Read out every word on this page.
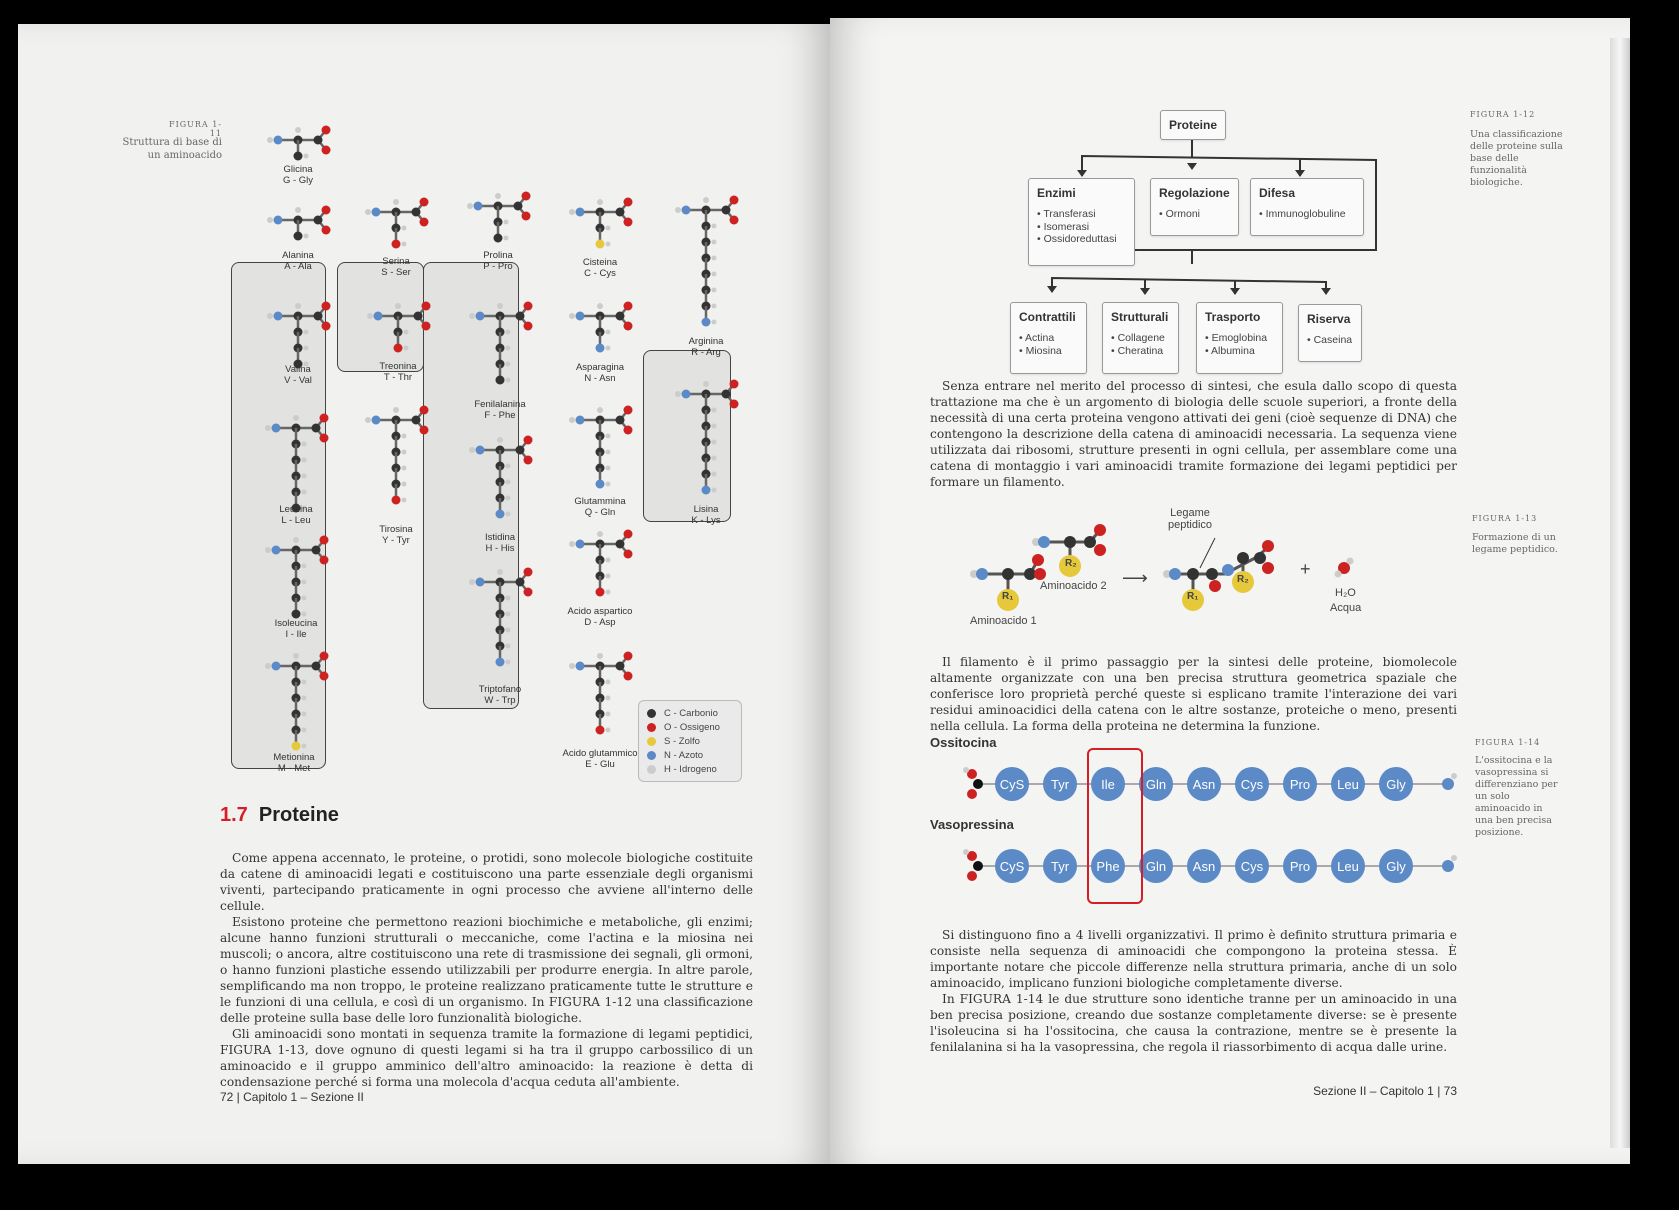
FIGURA 1-11
Struttura di base di un aminoacido
Glicina
G - Gly
Alanina
A - Ala	Serina
S - Ser
Prolina
P - Pro	Cisteina
C - Cys
Arginina
R - Arg
Valina
V - Val
Treonina
T - Thr
Asparagina
N - Asn
Fenilalanina
F - Phe
Lisina
K - Lys
Leucina
L - Leu
Tirosina
Y - Tyr
Glutammina
Q - Gln
Istidina
H - His
Isoleucina
I - Ile
Acido aspartico
D - Asp
Triptofano
W - Trp
Metionina
M - Met
Acido glutammico
E - Glu
C - Carbonio
O - Ossigeno
S - Zolfo
N - Azoto
H - Idrogeno
1.7 Proteine

Come appena accennato, le proteine, o protidi, sono molecole biologiche costituite da catene di aminoacidi legati e costituiscono una parte essenziale degli organismi viventi, partecipando praticamente in ogni processo che avviene all'interno delle cellule.

Esistono proteine che permettono reazioni biochimiche e metaboliche, gli enzimi; alcune hanno funzioni strutturali o meccaniche, come l'actina e la miosina nei muscoli; o ancora, altre costituiscono una rete di trasmissione dei segnali, gli ormoni, o hanno funzioni plastiche essendo utilizzabili per produrre energia. In altre parole, semplificando ma non troppo, le proteine realizzano praticamente tutte le strutture e le funzioni di una cellula, e così di un organismo. In FIGURA 1-12 una classificazione delle proteine sulla base delle loro funzionalità biologiche.

Gli aminoacidi sono montati in sequenza tramite la formazione di legami peptidici, FIGURA 1-13, dove ognuno di questi legami si ha tra il gruppo carbossilico di un aminoacido e il gruppo amminico dell'altro aminoacido: la reazione è detta di condensazione perché si forma una molecola d'acqua ceduta all'ambiente.

72 | Capitolo 1 – Sezione II
Proteine
Enzimi
• Transferasi
• Isomerasi
• Ossidoreduttasi
Regolazione
• Ormoni
Difesa
• Immunoglobuline
Contrattili
• Actina
• Miosina
Strutturali
• Collagene
• Cheratina
Trasporto
• Emoglobina
• Albumina
Riserva
• Caseina
FIGURA 1-12
Una classificazione delle proteine sulla base delle funzionalità biologiche.

Senza entrare nel merito del processo di sintesi, che esula dallo scopo di questa trattazione ma che è un argomento di biologia delle scuole superiori, a fronte della necessità di una certa proteina vengono attivati dei geni (cioè sequenze di DNA) che contengono la descrizione della catena di aminoacidi necessaria. La sequenza viene utilizzata dai ribosomi, strutture presenti in ogni cellula, per assemblare come una catena di montaggio i vari aminoacidi tramite formazione dei legami peptidici per formare un filamento.

R₁
R₂
R₁
R₂
Aminoacido 1
Aminoacido 2 ⟶
Legame peptidico
+
H₂O
Acqua
FIGURA 1-13
Formazione di un legame peptidico.

Il filamento è il primo passaggio per la sintesi delle proteine, biomolecole altamente organizzate con una ben precisa struttura geometrica spaziale che conferisce loro proprietà perché queste si esplicano tramite l'interazione dei vari residui aminoacidici della catena con le altre sostanze, proteiche o meno, presenti nella cellula. La forma della proteina ne determina la funzione.

Ossitocina
Vasopressina
CyS	Tyr	Ile	Gln	Asn	Cys	Pro	Leu	Gly
CyS	Tyr	Phe	Gln	Asn	Cys	Pro	Leu	Gly
FIGURA 1-14
L'ossitocina e la vasopressina si differenziano per un solo aminoacido in una ben precisa posizione.

Si distinguono fino a 4 livelli organizzativi. Il primo è definito struttura primaria e consiste nella sequenza di aminoacidi che compongono la proteina stessa. È importante notare che piccole differenze nella struttura primaria, anche di un solo aminoacido, implicano funzioni biologiche completamente diverse.

In FIGURA 1-14 le due strutture sono identiche tranne per un aminoacido in una ben precisa posizione, creando due sostanze completamente diverse: se è presente l'isoleucina si ha l'ossitocina, che causa la contrazione, mentre se è presente la fenilalanina si ha la vasopressina, che regola il riassorbimento di acqua dalle urine.

Sezione II – Capitolo 1 | 73
